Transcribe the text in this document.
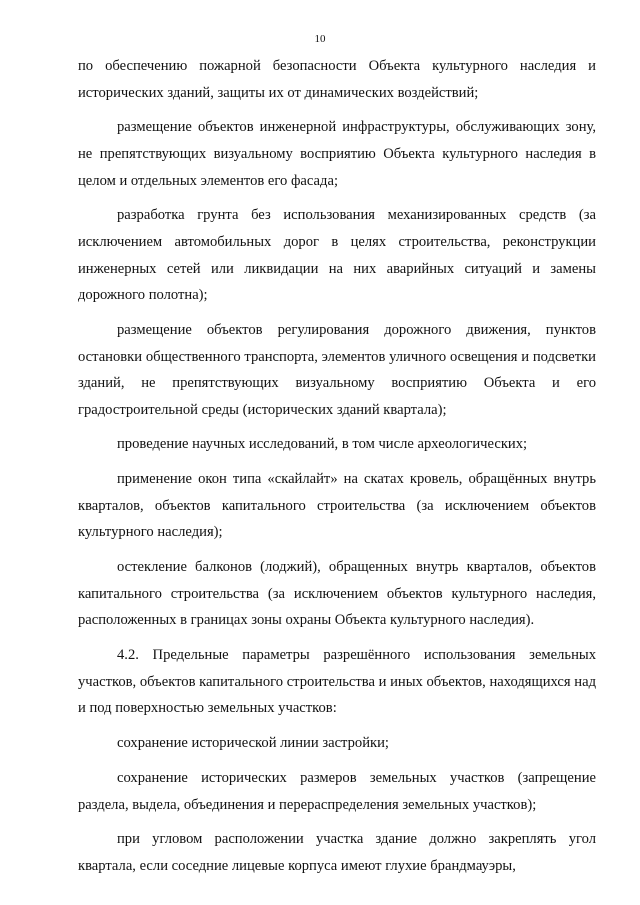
10

по обеспечению пожарной безопасности Объекта культурного наследия и исторических зданий, защиты их от динамических воздействий;

размещение объектов инженерной инфраструктуры, обслуживающих зону, не препятствующих визуальному восприятию Объекта культурного наследия в целом и отдельных элементов его фасада;

разработка грунта без использования механизированных средств (за исключением автомобильных дорог в целях строительства, реконструкции инженерных сетей или ликвидации на них аварийных ситуаций и замены дорожного полотна);

размещение объектов регулирования дорожного движения, пунктов остановки общественного транспорта, элементов уличного освещения и подсветки зданий, не препятствующих визуальному восприятию Объекта и его градостроительной среды (исторических зданий квартала);

проведение научных исследований, в том числе археологических;

применение окон типа «скайлайт» на скатах кровель, обращённых внутрь кварталов, объектов капитального строительства (за исключением объектов культурного наследия);

остекление балконов (лоджий), обращенных внутрь кварталов, объектов капитального строительства (за исключением объектов культурного наследия, расположенных в границах зоны охраны Объекта культурного наследия).

4.2. Предельные параметры разрешённого использования земельных участков, объектов капитального строительства и иных объектов, находящихся над и под поверхностью земельных участков:

сохранение исторической линии застройки;

сохранение исторических размеров земельных участков (запрещение раздела, выдела, объединения и перераспределения земельных участков);

при угловом расположении участка здание должно закреплять угол квартала, если соседние лицевые корпуса имеют глухие брандмауэры,
